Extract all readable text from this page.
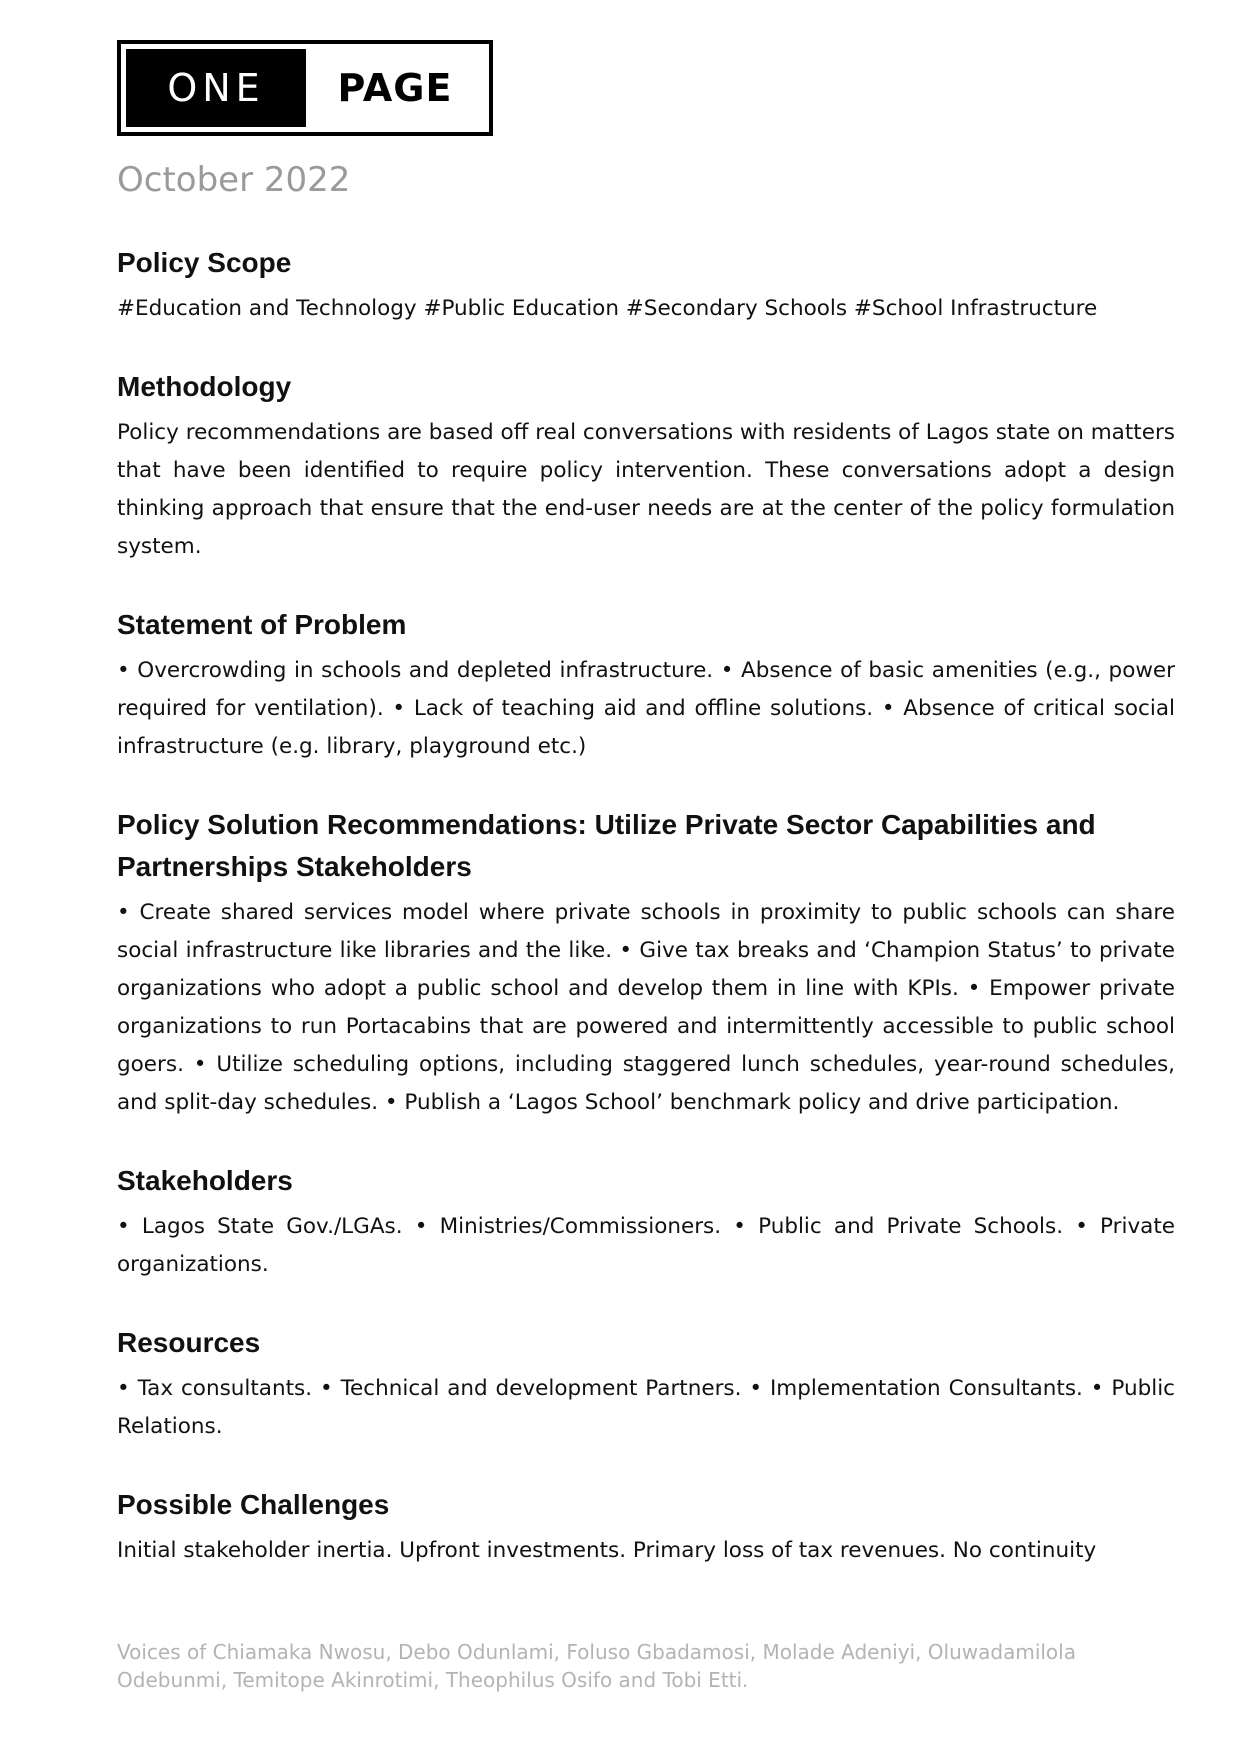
ONE	PAGE
October 2022
Policy Scope

#Education and Technology #Public Education #Secondary Schools #School Infrastructure

Methodology

Policy recommendations are based off real conversations with residents of Lagos state on matters that have been identified to require policy intervention. These conversations adopt a design thinking approach that ensure that the end-user needs are at the center of the policy formulation system.

Statement of Problem

• Overcrowding in schools and depleted infrastructure. • Absence of basic amenities (e.g., power required for ventilation). • Lack of teaching aid and offline solutions. • Absence of critical social infrastructure (e.g. library, playground etc.)

Policy Solution Recommendations: Utilize Private Sector Capabilities and Partnerships Stakeholders

• Create shared services model where private schools in proximity to public schools can share social infrastructure like libraries and the like. • Give tax breaks and ‘Champion Status’ to private organizations who adopt a public school and develop them in line with KPIs. • Empower private organizations to run Portacabins that are powered and intermittently accessible to public school goers. • Utilize scheduling options, including staggered lunch schedules, year-round schedules, and split-day schedules. • Publish a ‘Lagos School’ benchmark policy and drive participation.

Stakeholders

• Lagos State Gov./LGAs. • Ministries/Commissioners. • Public and Private Schools. • Private organizations.

Resources

• Tax consultants. • Technical and development Partners. • Implementation Consultants. • Public Relations.

Possible Challenges

Initial stakeholder inertia. Upfront investments. Primary loss of tax revenues. No continuity

Voices of Chiamaka Nwosu, Debo Odunlami, Foluso Gbadamosi, Molade Adeniyi, Oluwadamilola Odebunmi, Temitope Akinrotimi, Theophilus Osifo and Tobi Etti.
